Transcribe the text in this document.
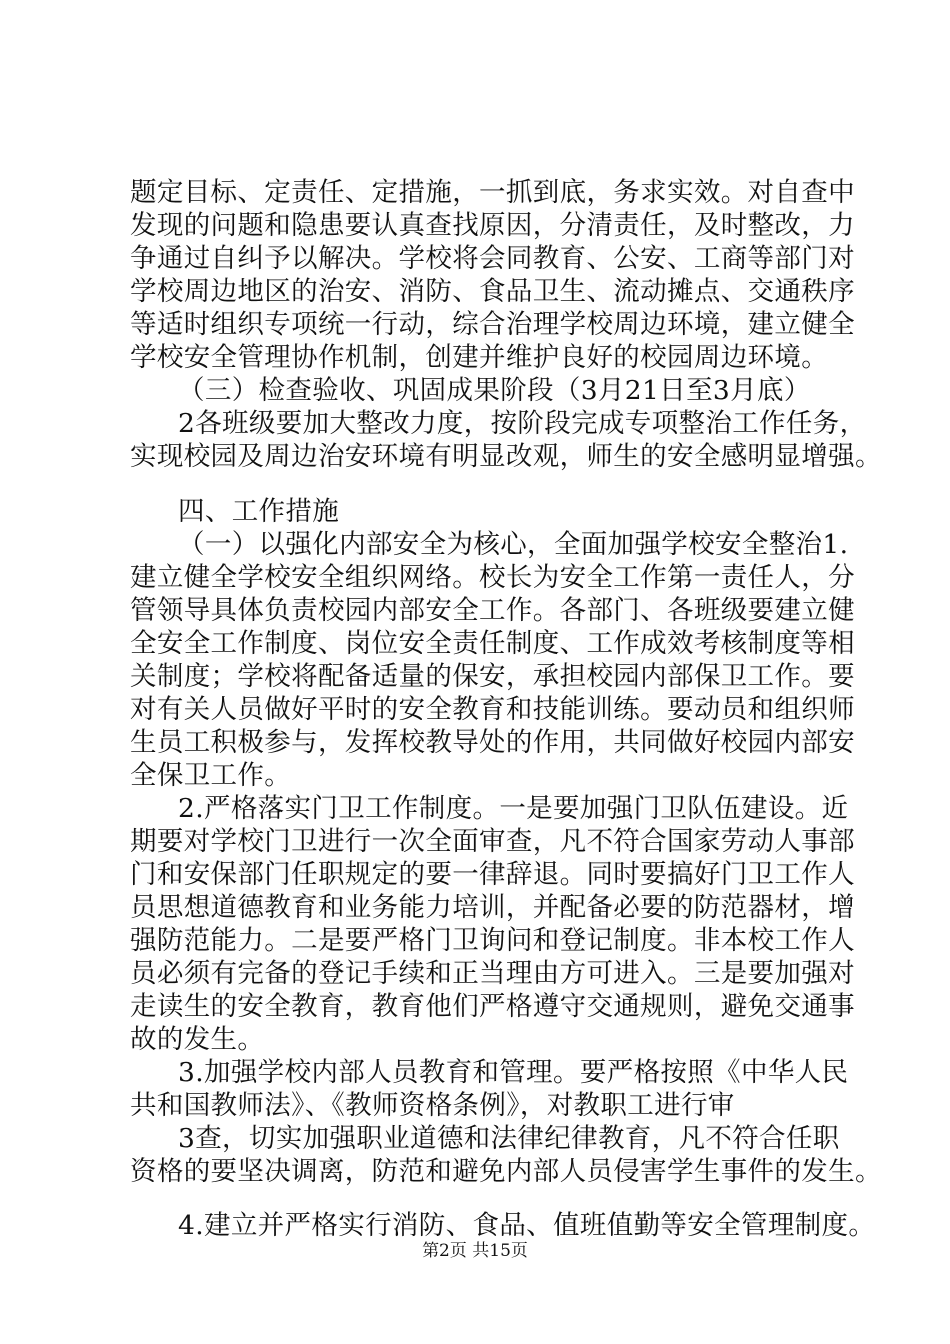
题定目标、定责任、定措施，一抓到底，务求实效。对自查中
发现的问题和隐患要认真查找原因，分清责任，及时整改，力
争通过自纠予以解决。学校将会同教育、公安、工商等部门对
学校周边地区的治安、消防、食品卫生、流动摊点、交通秩序
等适时组织专项统一行动，综合治理学校周边环境，建立健全
学校安全管理协作机制，创建并维护良好的校园周边环境。
（三）检查验收、巩固成果阶段（3月21日至3月底）
2各班级要加大整改力度，按阶段完成专项整治工作任务，
实现校园及周边治安环境有明显改观，师生的安全感明显增强。
四、工作措施
（一）以强化内部安全为核心，全面加强学校安全整治1.
建立健全学校安全组织网络。校长为安全工作第一责任人，分
管领导具体负责校园内部安全工作。各部门、各班级要建立健
全安全工作制度、岗位安全责任制度、工作成效考核制度等相
关制度；学校将配备适量的保安，承担校园内部保卫工作。要
对有关人员做好平时的安全教育和技能训练。要动员和组织师
生员工积极参与，发挥校教导处的作用，共同做好校园内部安
全保卫工作。
2.严格落实门卫工作制度。一是要加强门卫队伍建设。近
期要对学校门卫进行一次全面审查，凡不符合国家劳动人事部
门和安保部门任职规定的要一律辞退。同时要搞好门卫工作人
员思想道德教育和业务能力培训，并配备必要的防范器材，增
强防范能力。二是要严格门卫询问和登记制度。非本校工作人
员必须有完备的登记手续和正当理由方可进入。三是要加强对
走读生的安全教育，教育他们严格遵守交通规则，避免交通事
故的发生。
3.加强学校内部人员教育和管理。要严格按照《中华人民
共和国教师法》、《教师资格条例》，对教职工进行审
3查，切实加强职业道德和法律纪律教育，凡不符合任职
资格的要坚决调离，防范和避免内部人员侵害学生事件的发生。
4.建立并严格实行消防、食品、值班值勤等安全管理制度。
第2页 共15页
